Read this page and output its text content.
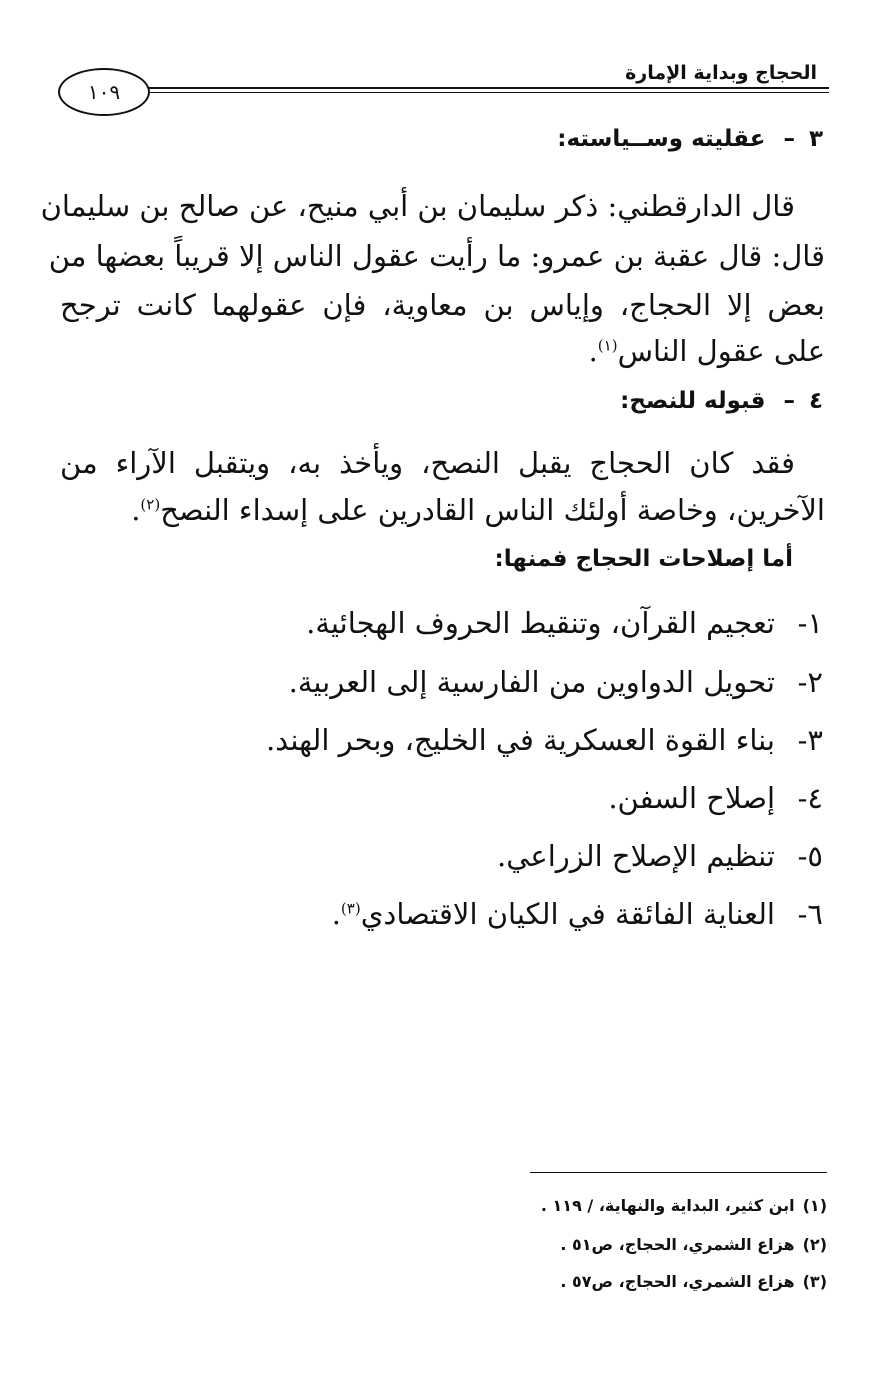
الحجاج وبداية الإمارة
١٠٩
٣–عقليته وســياسته:
قال الدارقطني: ذكر سليمان بن أبي منيح، عن صالح بن سليمان
قال: قال عقبة بن عمرو: ما رأيت عقول الناس إلا قريباً بعضها من
بعض إلا الحجاج، وإياس بن معاوية، فإن عقولهما كانت ترجح
على عقول الناس$^{(١)}$.
٤–قبوله للنصح:
فقد كان الحجاج يقبل النصح، ويأخذ به، ويتقبل الآراء من
الآخرين، وخاصة أولئك الناس القادرين على إسداء النصح$^{(٢)}$.
أما إصلاحات الحجاج فمنها:
١-تعجيم القرآن، وتنقيط الحروف الهجائية.
٢-تحويل الدواوين من الفارسية إلى العربية.
٣-بناء القوة العسكرية في الخليج، وبحر الهند.
٤-إصلاح السفن.
٥-تنظيم الإصلاح الزراعي.
٦-العناية الفائقة في الكيان الاقتصادي$^{(٣)}$.
(١)ابن كثير، البداية والنهاية، / ١١٩ .
(٢)هزاع الشمري، الحجاج، ص٥١ .
(٣)هزاع الشمري، الحجاج، ص٥٧ .
